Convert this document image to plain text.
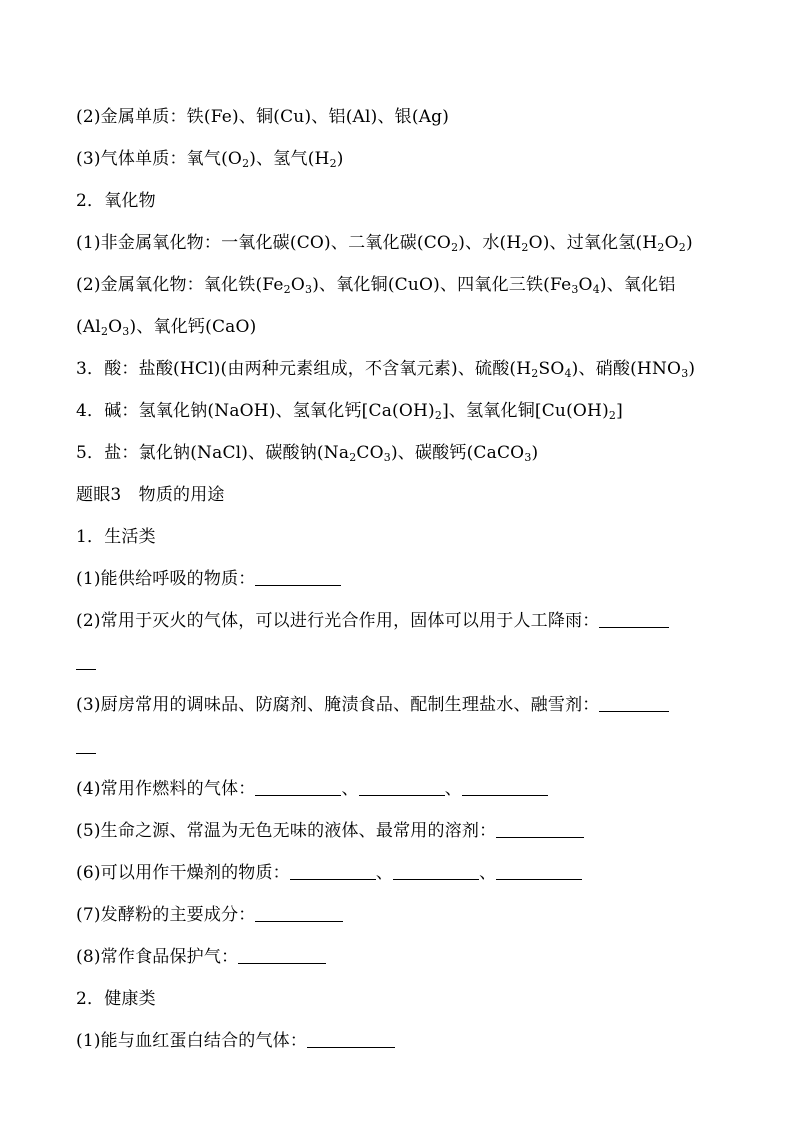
(2)金属单质：铁(Fe)、铜(Cu)、铝(Al)、银(Ag)
(3)气体单质：氧气$(O_2)$、氢气$(H_2)$
2．氧化物
(1)非金属氧化物：一氧化碳(CO)、二氧化碳$(CO_2)$、水$(H_2O)$、过氧化氢$(H_2O_2)$
(2)金属氧化物：氧化铁$(Fe_2O_3)$、氧化铜(CuO)、四氧化三铁$(Fe_3O_4)$、氧化铝
$(Al_2O_3)$、氧化钙(CaO)
3．酸：盐酸(HCl)(由两种元素组成，不含氧元素)、硫酸$(H_2SO_4)$、硝酸$(HNO_3)$
4．碱：氢氧化钠(NaOH)、氢氧化钙$[Ca(OH)_2]$、氢氧化铜$[Cu(OH)_2]$
5．盐：氯化钠(NaCl)、碳酸钠$(Na_2CO_3)$、碳酸钙(CaCO$_3$)
题眼3　物质的用途
1．生活类
(1)能供给呼吸的物质：
(2)常用于灭火的气体，可以进行光合作用，固体可以用于人工降雨：
(3)厨房常用的调味品、防腐剂、腌渍食品、配制生理盐水、融雪剂：
(4)常用作燃料的气体：	、	、
(5)生命之源、常温为无色无味的液体、最常用的溶剂：
(6)可以用作干燥剂的物质：	、	、
(7)发酵粉的主要成分：
(8)常作食品保护气：
2．健康类
(1)能与血红蛋白结合的气体：
